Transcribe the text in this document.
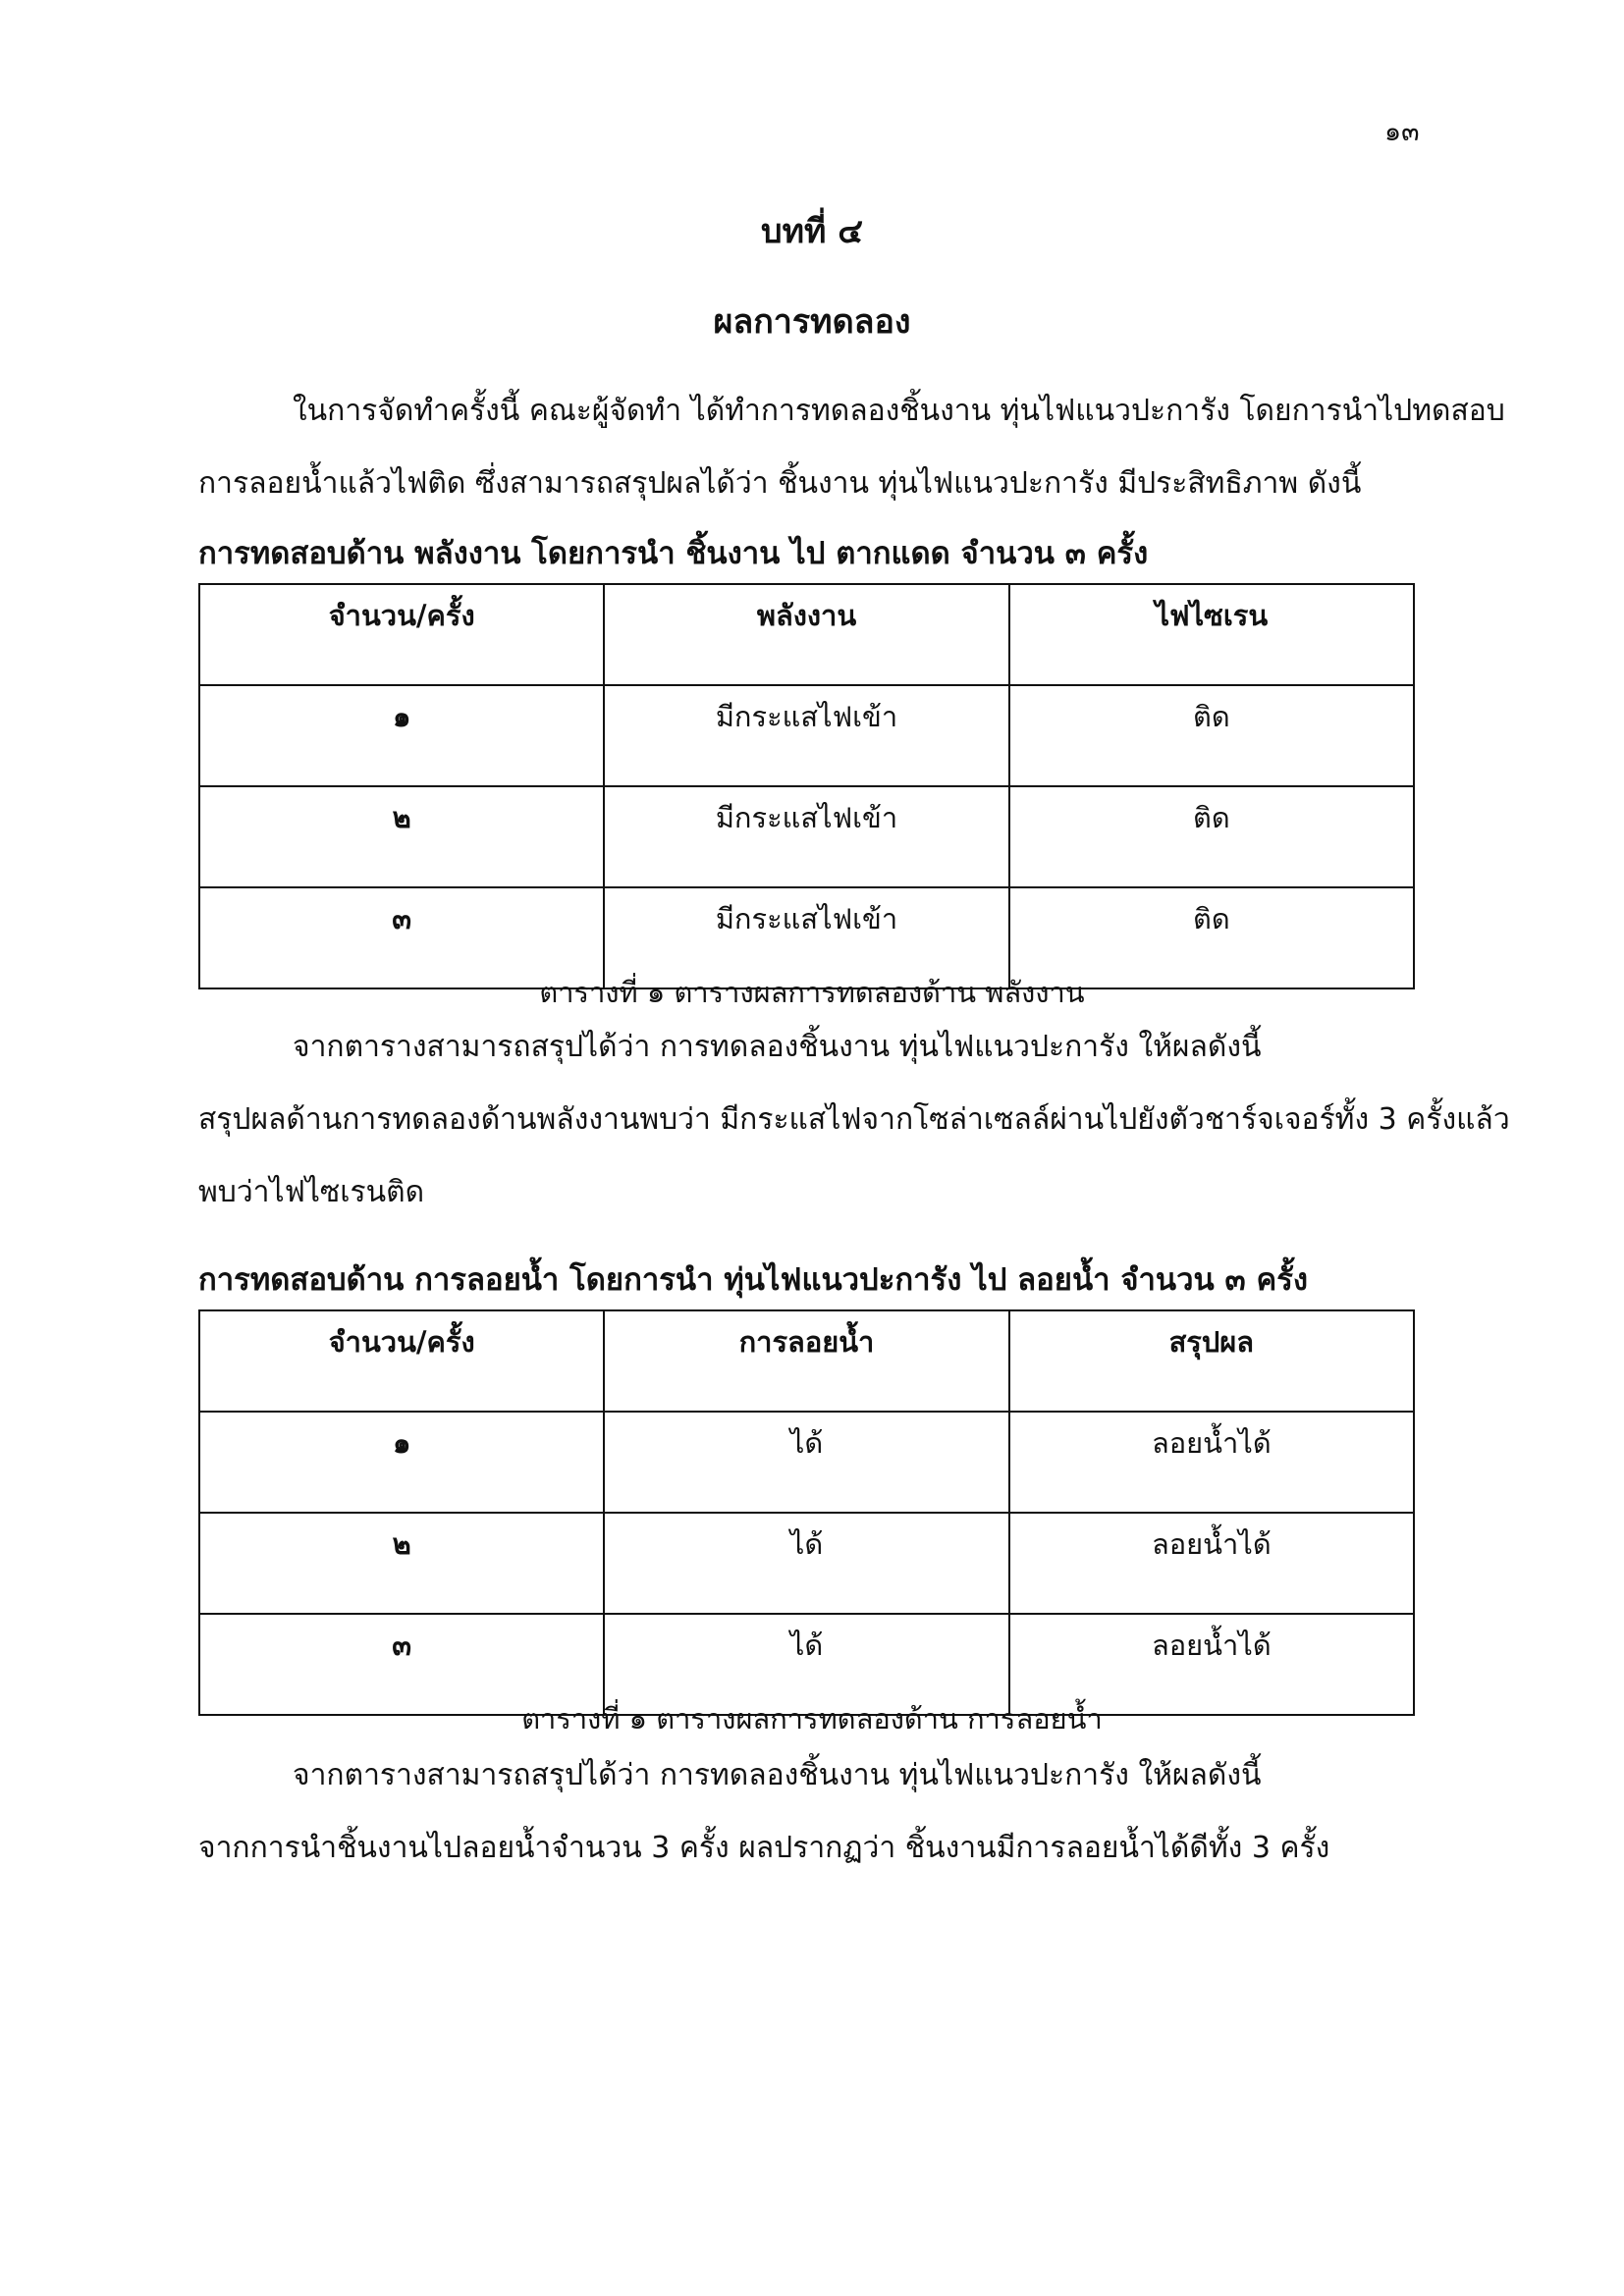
๑๓
บทที่ ๔
ผลการทดลอง
ในการจัดทำครั้งนี้ คณะผู้จัดทำ ได้ทำการทดลองชิ้นงาน ทุ่นไฟแนวปะการัง โดยการนำไปทดสอบ
การลอยน้ำแล้วไฟติด ซึ่งสามารถสรุปผลได้ว่า ชิ้นงาน ทุ่นไฟแนวปะการัง มีประสิทธิภาพ ดังนี้
การทดสอบด้าน พลังงาน โดยการนำ ชิ้นงาน ไป ตากแดด จำนวน ๓ ครั้ง
จำนวน/ครั้ง	พลังงาน	ไฟไซเรน
๑	มีกระแสไฟเข้า	ติด
๒	มีกระแสไฟเข้า	ติด
๓	มีกระแสไฟเข้า	ติด
ตารางที่ ๑ ตารางผลการทดลองด้าน พลังงาน
จากตารางสามารถสรุปได้ว่า การทดลองชิ้นงาน ทุ่นไฟแนวปะการัง ให้ผลดังนี้
สรุปผลด้านการทดลองด้านพลังงานพบว่า มีกระแสไฟจากโซล่าเซลล์ผ่านไปยังตัวชาร์จเจอร์ทั้ง 3 ครั้งแล้ว
พบว่าไฟไซเรนติด
การทดสอบด้าน การลอยน้ำ โดยการนำ ทุ่นไฟแนวปะการัง ไป ลอยน้ำ จำนวน ๓ ครั้ง
จำนวน/ครั้ง	การลอยน้ำ	สรุปผล
๑	ได้	ลอยน้ำได้
๒	ได้	ลอยน้ำได้
๓	ได้	ลอยน้ำได้
ตารางที่ ๑ ตารางผลการทดลองด้าน การลอยน้ำ
จากตารางสามารถสรุปได้ว่า การทดลองชิ้นงาน ทุ่นไฟแนวปะการัง ให้ผลดังนี้
จากการนำชิ้นงานไปลอยน้ำจำนวน 3 ครั้ง ผลปรากฏว่า ชิ้นงานมีการลอยน้ำได้ดีทั้ง 3 ครั้ง
